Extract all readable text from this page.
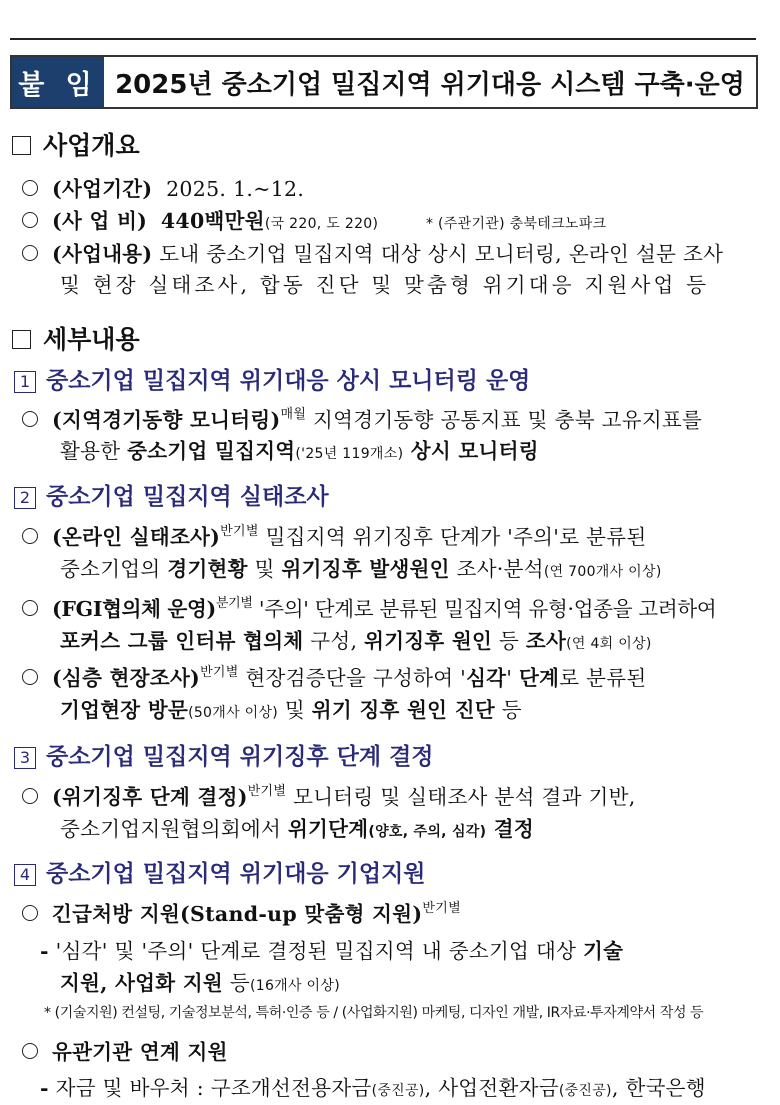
붙 임 2025년 중소기업 밀집지역 위기대응 시스템 구축·운영
사업개요
(사업기간) 2025. 1.~12.
(사 업 비) 440백만원(국 220, 도 220)	* (주관기관) 충북테크노파크
(사업내용) 도내 중소기업 밀집지역 대상 상시 모니터링, 온라인 설문 조사
및 현장 실태조사, 합동 진단 및 맞춤형 위기대응 지원사업 등
세부내용
1 중소기업 밀집지역 위기대응 상시 모니터링 운영
(지역경기동향 모니터링)$^{매월}$ 지역경기동향 공통지표 및 충북 고유지표를
활용한 중소기업 밀집지역('25년 119개소) 상시 모니터링
2 중소기업 밀집지역 실태조사
(온라인 실태조사)$^{반기별}$ 밀집지역 위기징후 단계가 '주의'로 분류된
중소기업의 경기현황 및 위기징후 발생원인 조사·분석(연 700개사 이상)
(FGI협의체 운영)$^{분기별}$ '주의' 단계로 분류된 밀집지역 유형·업종을 고려하여
포커스 그룹 인터뷰 협의체 구성, 위기징후 원인 등 조사(연 4회 이상)
(심층 현장조사)$^{반기별}$ 현장검증단을 구성하여 '심각' 단계로 분류된
기업현장 방문(50개사 이상) 및 위기 징후 원인 진단 등
3 중소기업 밀집지역 위기징후 단계 결정
(위기징후 단계 결정)$^{반기별}$ 모니터링 및 실태조사 분석 결과 기반,
중소기업지원협의회에서 위기단계(양호, 주의, 심각) 결정
4 중소기업 밀집지역 위기대응 기업지원
긴급처방 지원(Stand-up 맞춤형 지원)$^{반기별}$
- '심각' 및 '주의' 단계로 결정된 밀집지역 내 중소기업 대상 기술
지원, 사업화 지원 등(16개사 이상)
* (기술지원) 컨설팅, 기술정보분석, 특허·인증 등 / (사업화지원) 마케팅, 디자인 개발, IR자료·투자계약서 작성 등
유관기관 연계 지원
- 자금 및 바우처 : 구조개선전용자금(중진공), 사업전환자금(중진공), 한국은행
